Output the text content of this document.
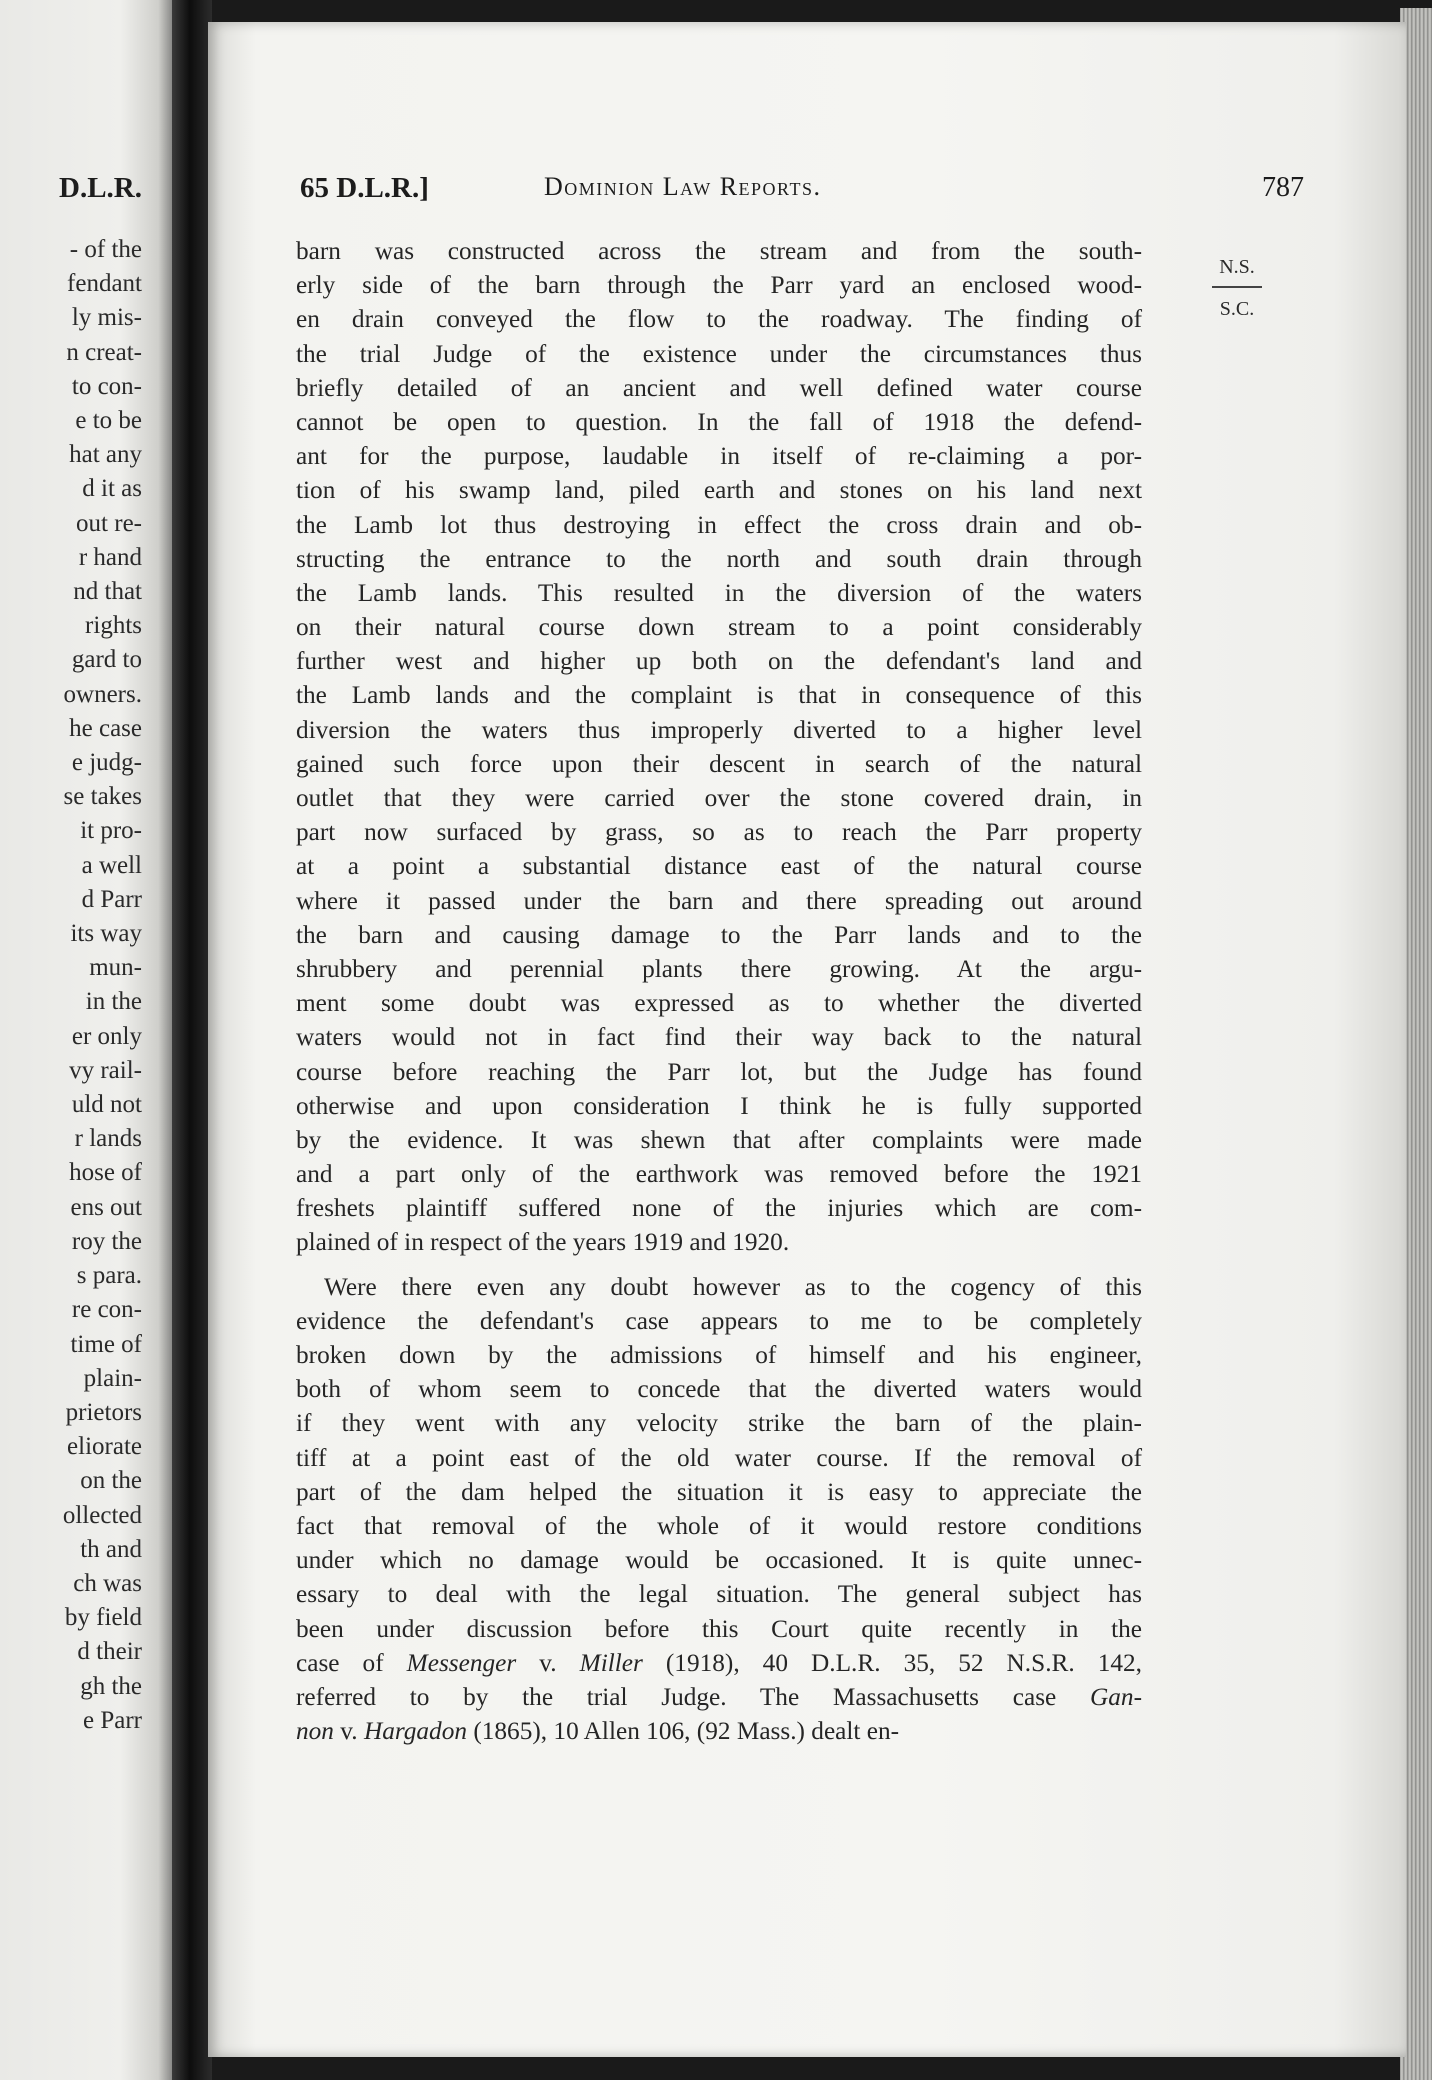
D.L.R.
- of the
fendant
ly mis-
n creat-
to con-
e to be
hat any
d it as
out re-
r hand
nd that
rights
gard to
owners.
he case
e judg-
se takes
it pro-
a well
d Parr
its way
mun-
in the
er only
vy rail-
uld not
r lands
hose of
ens out
roy the
s para.
re con-
time of
plain-
prietors
eliorate
on the
ollected
th and
ch was
by field
d their
gh the
e Parr
65 D.L.R.]	Dominion Law Reports.	787
N.S.
S.C.
barn was constructed across the stream and from the south-
erly side of the barn through the Parr yard an enclosed wood-
en drain conveyed the flow to the roadway. The finding of
the trial Judge of the existence under the circumstances thus
briefly detailed of an ancient and well defined water course
cannot be open to question. In the fall of 1918 the defend-
ant for the purpose, laudable in itself of re-claiming a por-
tion of his swamp land, piled earth and stones on his land next
the Lamb lot thus destroying in effect the cross drain and ob-
structing the entrance to the north and south drain through
the Lamb lands. This resulted in the diversion of the waters
on their natural course down stream to a point considerably
further west and higher up both on the defendant's land and
the Lamb lands and the complaint is that in consequence of this
diversion the waters thus improperly diverted to a higher level
gained such force upon their descent in search of the natural
outlet that they were carried over the stone covered drain, in
part now surfaced by grass, so as to reach the Parr property
at a point a substantial distance east of the natural course
where it passed under the barn and there spreading out around
the barn and causing damage to the Parr lands and to the
shrubbery and perennial plants there growing. At the argu-
ment some doubt was expressed as to whether the diverted
waters would not in fact find their way back to the natural
course before reaching the Parr lot, but the Judge has found
otherwise and upon consideration I think he is fully supported
by the evidence. It was shewn that after complaints were made
and a part only of the earthwork was removed before the 1921
freshets plaintiff suffered none of the injuries which are com-
plained of in respect of the years 1919 and 1920.
Were there even any doubt however as to the cogency of this
evidence the defendant's case appears to me to be completely
broken down by the admissions of himself and his engineer,
both of whom seem to concede that the diverted waters would
if they went with any velocity strike the barn of the plain-
tiff at a point east of the old water course. If the removal of
part of the dam helped the situation it is easy to appreciate the
fact that removal of the whole of it would restore conditions
under which no damage would be occasioned. It is quite unnec-
essary to deal with the legal situation. The general subject has
been under discussion before this Court quite recently in the
case of Messenger v. Miller (1918), 40 D.L.R. 35, 52 N.S.R. 142,
referred to by the trial Judge. The Massachusetts case Gan-
non v. Hargadon (1865), 10 Allen 106, (92 Mass.) dealt en-
